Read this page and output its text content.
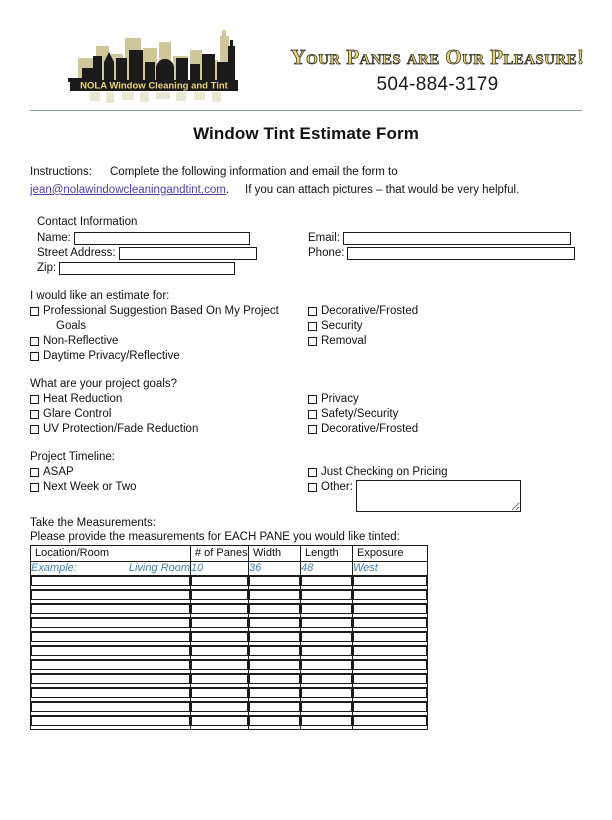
NOLA Window Cleaning and Tint
Your Panes are Our Pleasure!
504-884-3179
Window Tint Estimate Form
Instructions: Complete the following information and email the form to
jean@nolawindowcleaningandtint.com. If you can attach pictures – that would be very helpful.
Contact Information
Name:
Street Address:
Zip:
Email:
Phone:
I would like an estimate for:
Professional Suggestion Based On My Project
Goals
Non-Reflective
Daytime Privacy/Reflective
Decorative/Frosted
Security
Removal
What are your project goals?
Heat Reduction
Glare Control
UV Protection/Fade Reduction
Privacy
Safety/Security
Decorative/Frosted
Project Timeline:
ASAP
Next Week or Two
Just Checking on Pricing
Other:
Take the Measurements:
Please provide the measurements for EACH PANE you would like tinted:
Location/Room	# of Panes	Width	Length	Exposure
Example: Living Room	10	36	48	West
